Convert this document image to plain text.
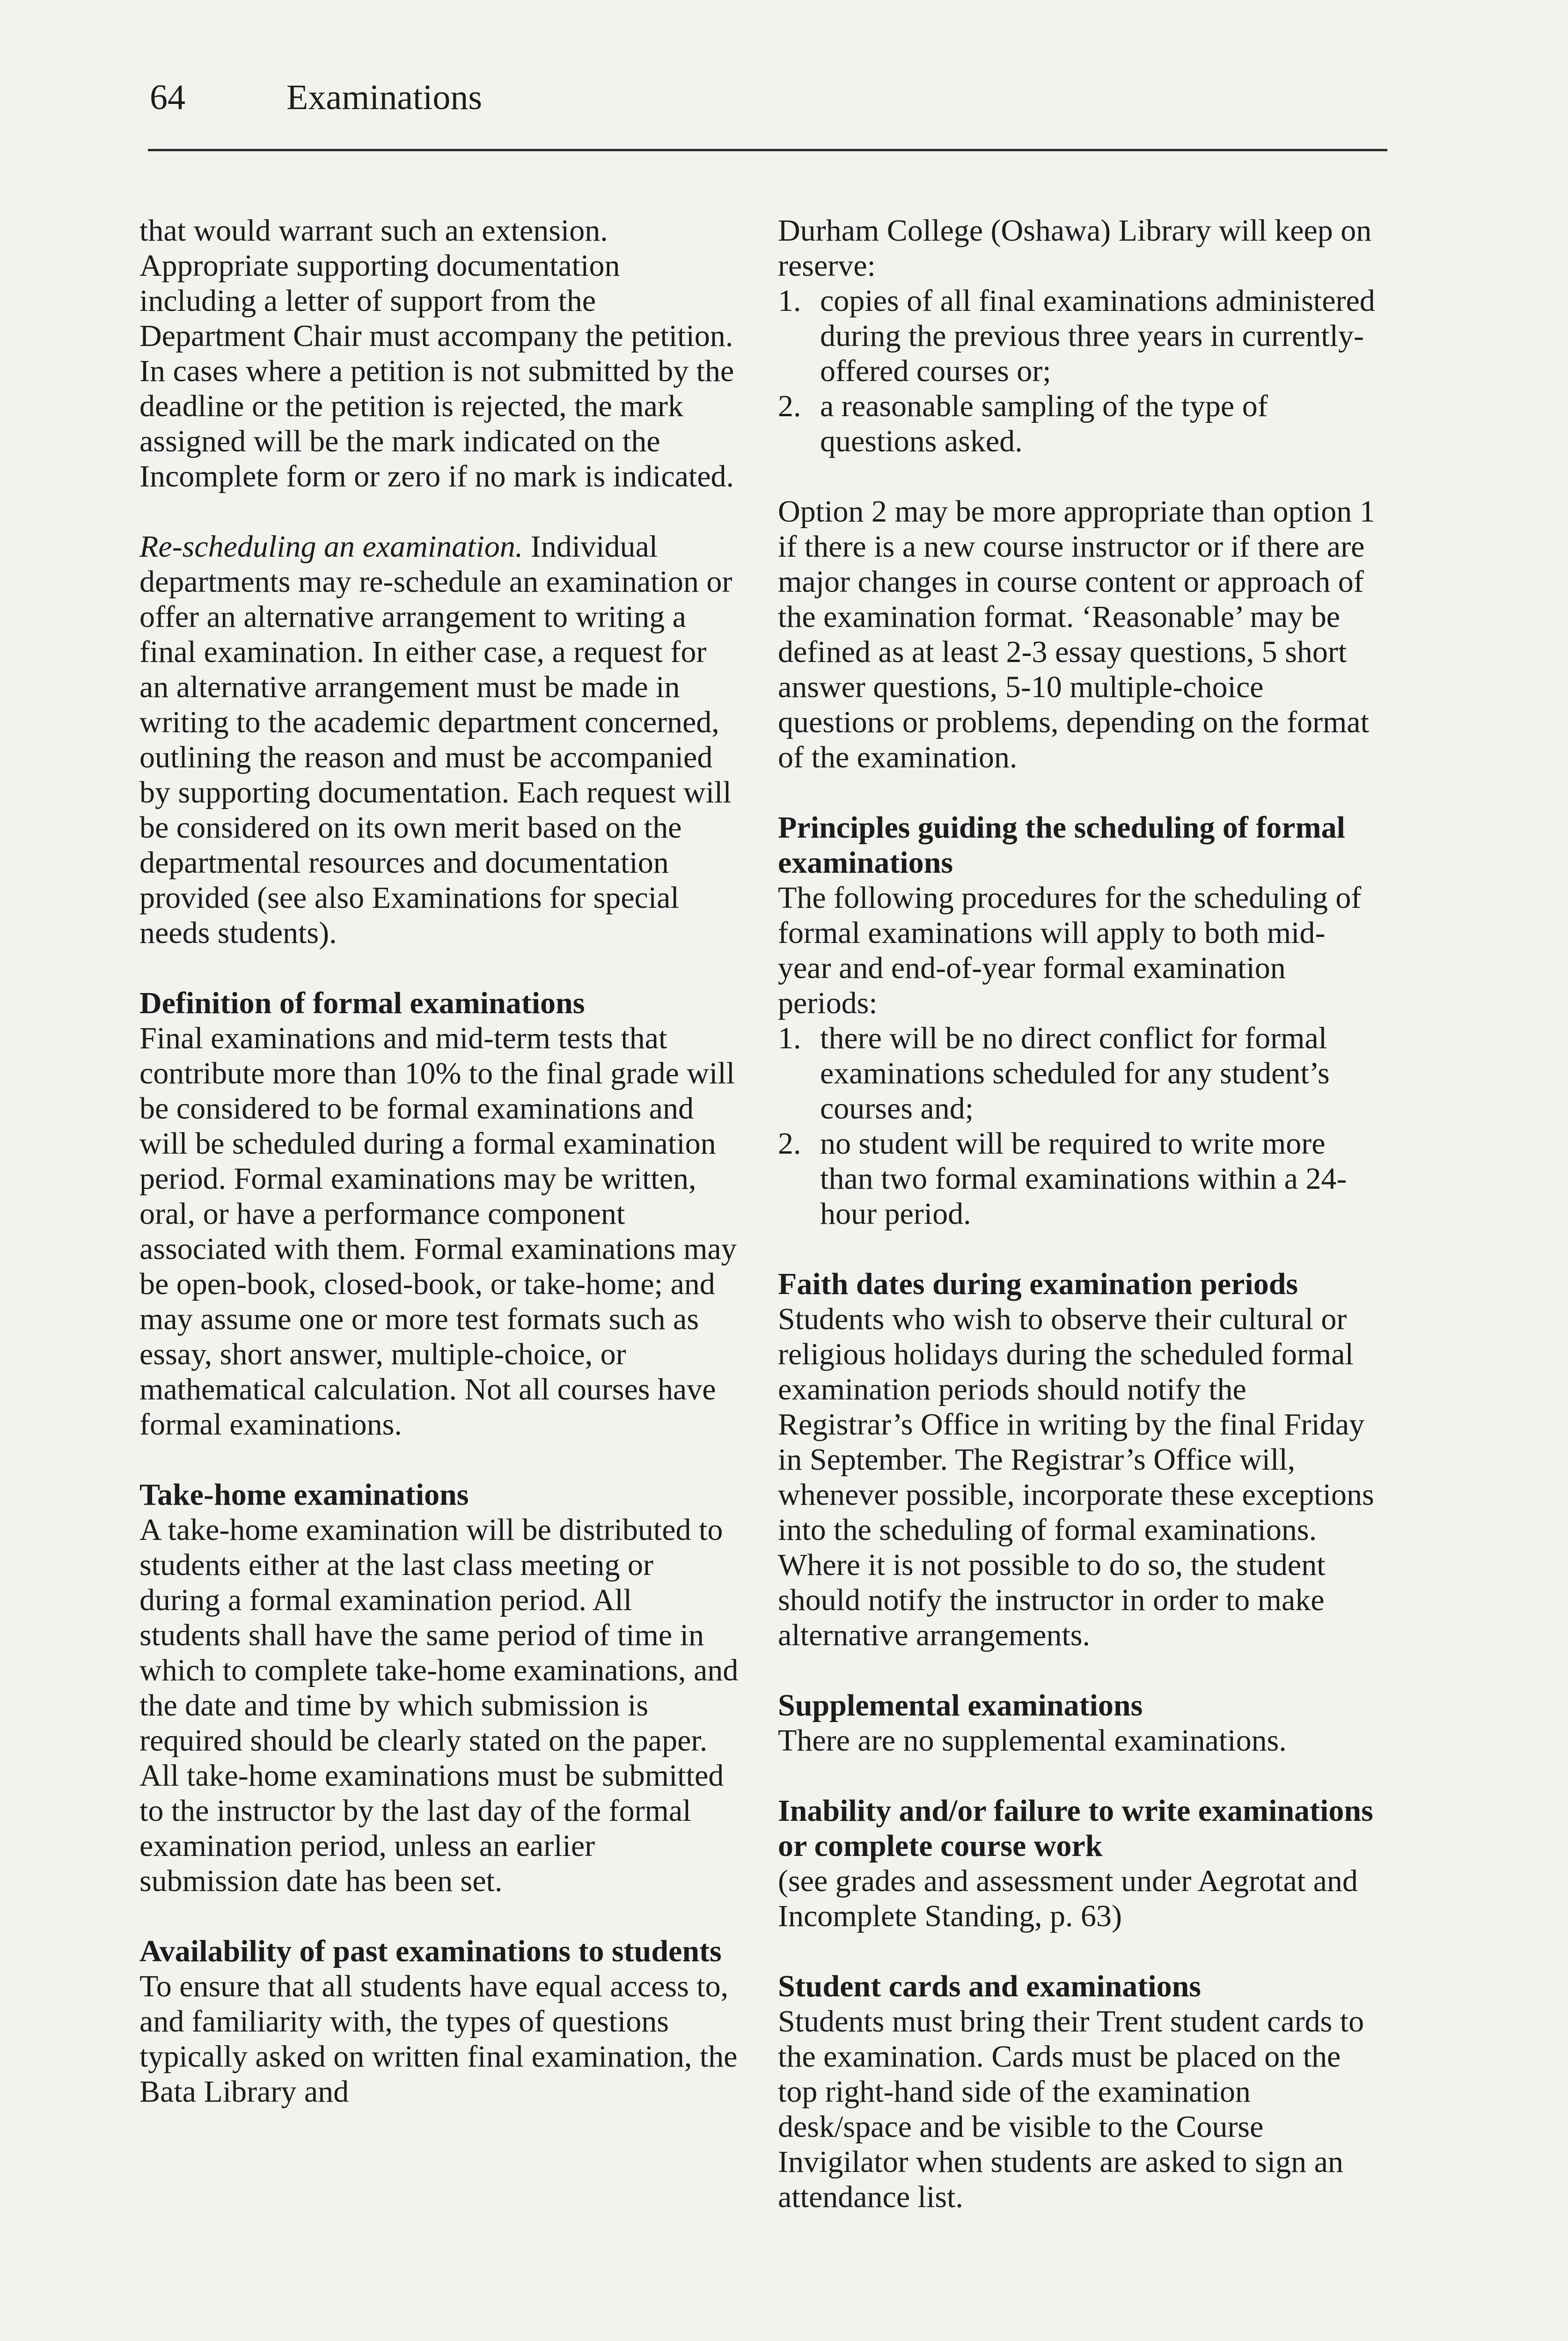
64	Examinations

that would warrant such an extension. Appropriate supporting documentation including a letter of support from the Department Chair must accompany the petition. In cases where a petition is not submitted by the deadline or the petition is rejected, the mark assigned will be the mark indicated on the Incomplete form or zero if no mark is indicated.

Re-scheduling an examination. Individual departments may re-schedule an examination or offer an alternative arrangement to writing a final examination. In either case, a request for an alternative arrangement must be made in writing to the academic department concerned, outlining the reason and must be accompanied by supporting documentation. Each request will be considered on its own merit based on the departmental resources and documentation provided (see also Examinations for special needs students).

Definition of formal examinations

Final examinations and mid-term tests that contribute more than 10% to the final grade will be considered to be formal examinations and will be scheduled during a formal examination period. Formal examinations may be written, oral, or have a performance component associated with them. Formal examinations may be open-book, closed-book, or take-home; and may assume one or more test formats such as essay, short answer, multiple-choice, or mathematical calculation. Not all courses have formal examinations.

Take-home examinations

A take-home examination will be distributed to students either at the last class meeting or during a formal examination period. All students shall have the same period of time in which to complete take-home examinations, and the date and time by which submission is required should be clearly stated on the paper. All take-home examinations must be submitted to the instructor by the last day of the formal examination period, unless an earlier submission date has been set.

Availability of past examinations to students

To ensure that all students have equal access to, and familiarity with, the types of questions typically asked on written final examination, the Bata Library and

Durham College (Oshawa) Library will keep on reserve:

1. copies of all final examinations administered during the previous three years in currently-offered courses or;
2. a reasonable sampling of the type of questions asked.

Option 2 may be more appropriate than option 1 if there is a new course instructor or if there are major changes in course content or approach of the examination format. ‘Reasonable’ may be defined as at least 2-3 essay questions, 5 short answer questions, 5-10 multiple-choice questions or problems, depending on the format of the examination.

Principles guiding the scheduling of formal examinations

The following procedures for the scheduling of formal examinations will apply to both mid-year and end-of-year formal examination periods:

1. there will be no direct conflict for formal examinations scheduled for any student’s courses and;
2. no student will be required to write more than two formal examinations within a 24-hour period.

Faith dates during examination periods

Students who wish to observe their cultural or religious holidays during the scheduled formal examination periods should notify the Registrar’s Office in writing by the final Friday in September. The Registrar’s Office will, whenever possible, incorporate these exceptions into the scheduling of formal examinations. Where it is not possible to do so, the student should notify the instructor in order to make alternative arrangements.

Supplemental examinations

There are no supplemental examinations.

Inability and/or failure to write examinations or complete course work

(see grades and assessment under Aegrotat and Incomplete Standing, p. 63)

Student cards and examinations

Students must bring their Trent student cards to the examination. Cards must be placed on the top right-hand side of the examination desk/space and be visible to the Course Invigilator when students are asked to sign an attendance list.
